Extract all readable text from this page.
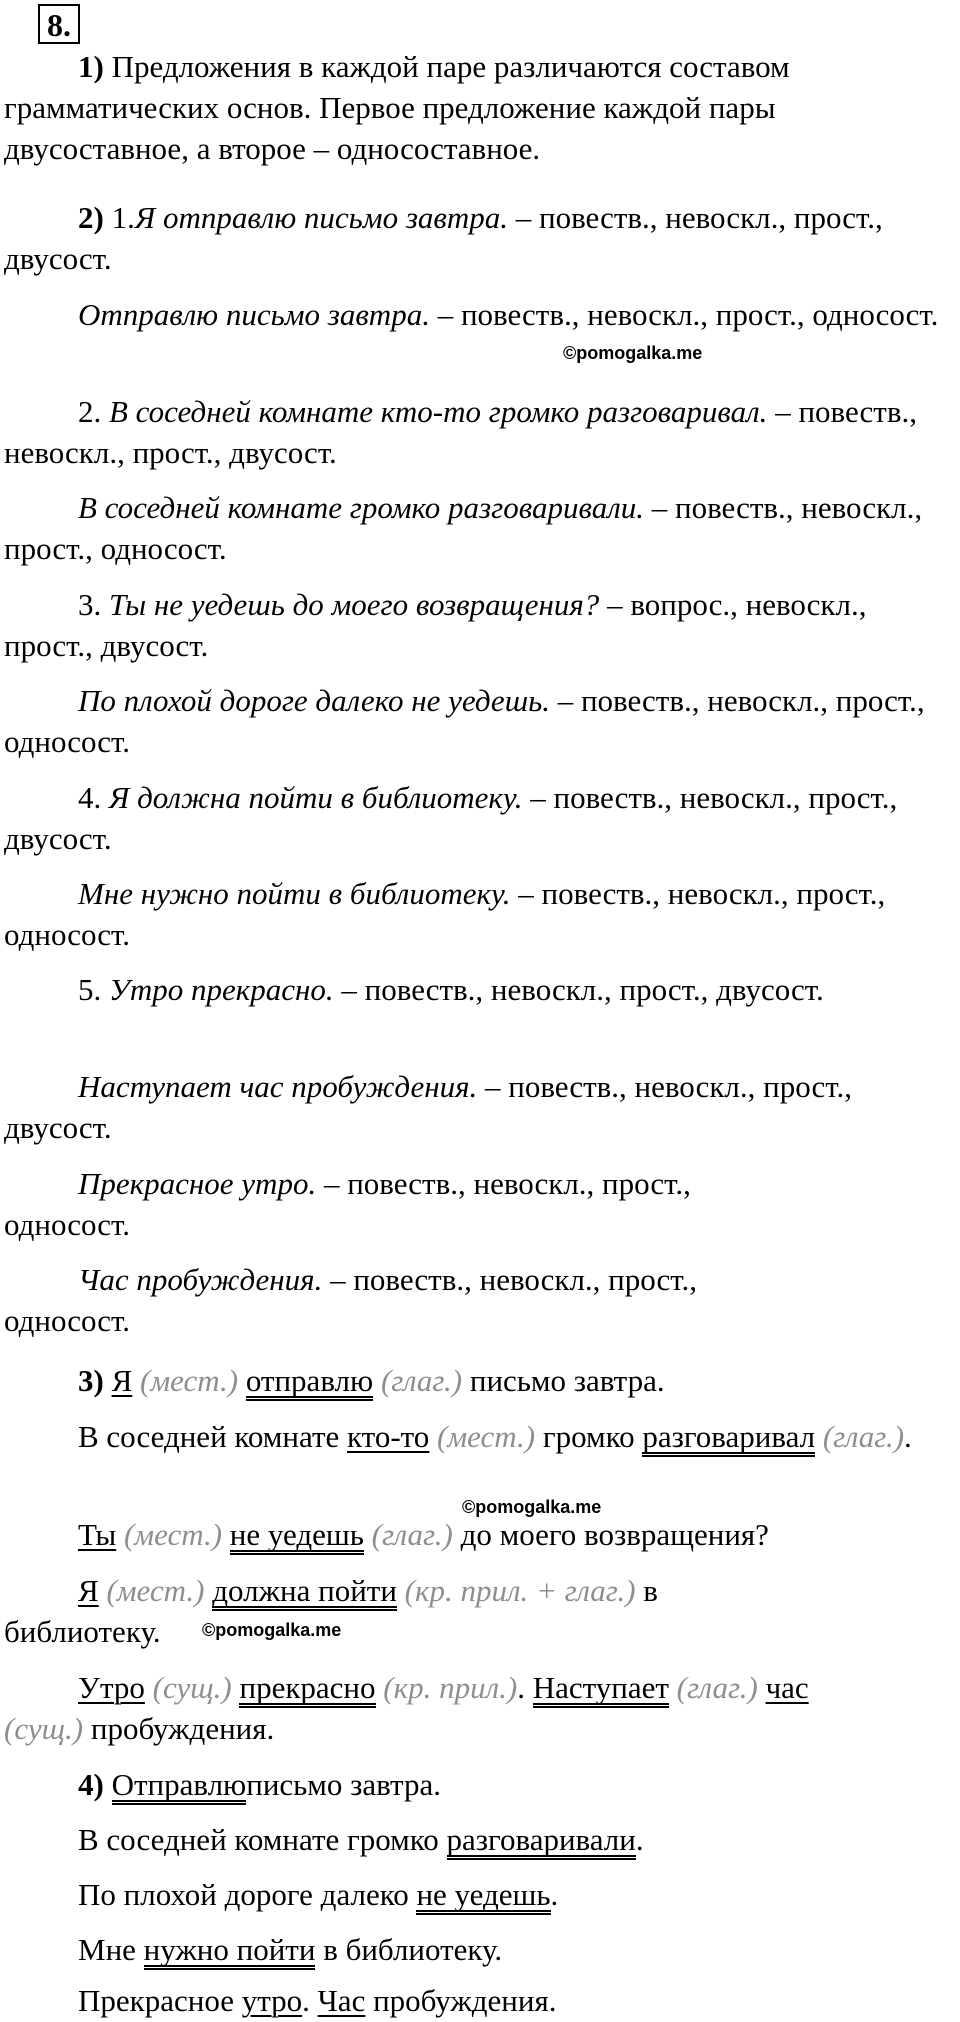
8.

1) Предложения в каждой паре различаются составом грамматических основ. Первое предложение каждой пары двусоставное, а второе – односоставное.

2) 1.Я отправлю письмо завтра. – повеств., невоскл., прост., двусост.

Отправлю письмо завтра. – повеств., невоскл., прост., односост.

©pomogalka.me

2. В соседней комнате кто-то громко разговаривал. – повеств., невоскл., прост., двусост.

В соседней комнате громко разговаривали. – повеств., невоскл., прост., односост.

3. Ты не уедешь до моего возвращения? – вопрос., невоскл., прост., двусост.

По плохой дороге далеко не уедешь. – повеств., невоскл., прост., односост.

4. Я должна пойти в библиотеку. – повеств., невоскл., прост., двусост.

Мне нужно пойти в библиотеку. – повеств., невоскл., прост., односост.

5. Утро прекрасно. – повеств., невоскл., прост., двусост.

Наступает час пробуждения. – повеств., невоскл., прост., двусост.

Прекрасное утро. – повеств., невоскл., прост., односост.

Час пробуждения. – повеств., невоскл., прост., односост.

3) Я (мест.) отправлю (глаг.) письмо завтра.

В соседней комнате кто-то (мест.) громко разговаривал (глаг.).

©pomogalka.me

Ты (мест.) не уедешь (глаг.) до моего возвращения?

Я (мест.) должна пойти (кр. прил. + глаг.) в

библиотеку.	©pomogalka.me

Утро (сущ.) прекрасно (кр. прил.). Наступает (глаг.) час

(сущ.) пробуждения.

4) Отправлюписьмо завтра.

В соседней комнате громко разговаривали.

По плохой дороге далеко не уедешь.

Мне нужно пойти в библиотеку.

Прекрасное утро. Час пробуждения.
